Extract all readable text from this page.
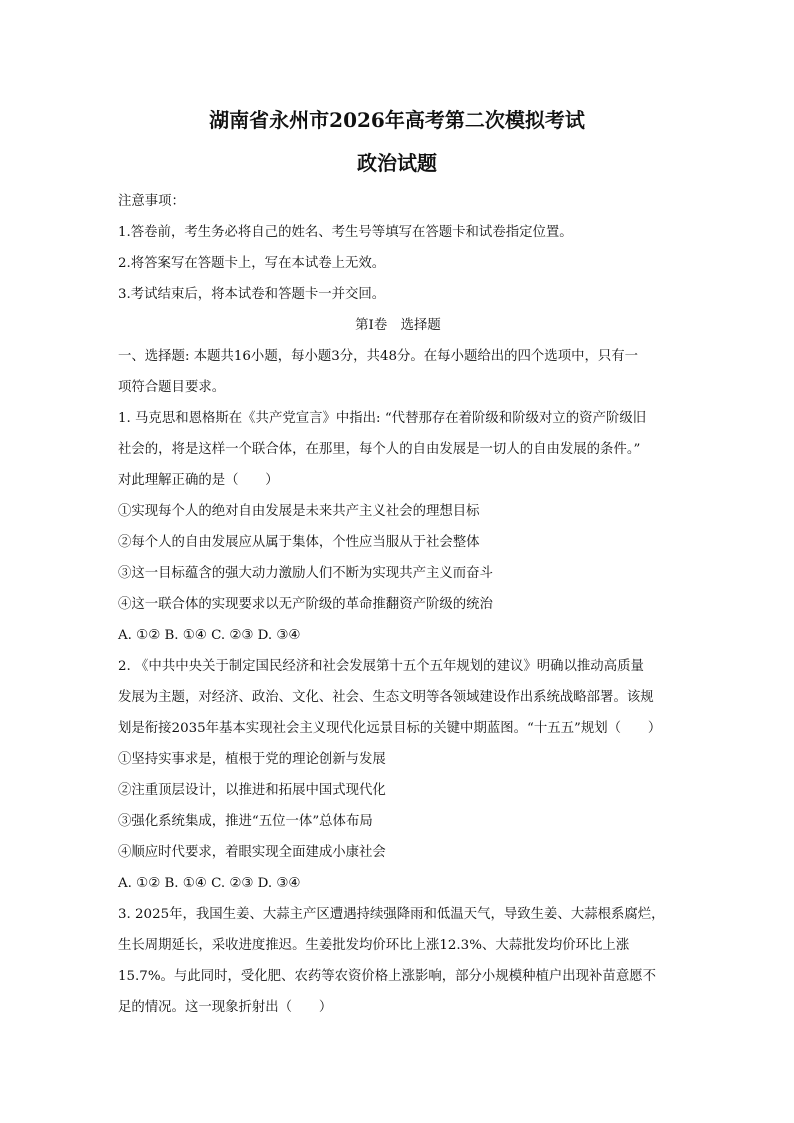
湖南省永州市2026年高考第二次模拟考试
政治试题
注意事项：
1.答卷前，考生务必将自己的姓名、考生号等填写在答题卡和试卷指定位置。
2.将答案写在答题卡上，写在本试卷上无效。
3.考试结束后，将本试卷和答题卡一并交回。
第I卷　选择题
一、选择题: 本题共16小题，每小题3分，共48分。在每小题给出的四个选项中，只有一
项符合题目要求。
1. 马克思和恩格斯在《共产党宣言》中指出: “代替那存在着阶级和阶级对立的资产阶级旧
社会的，将是这样一个联合体，在那里，每个人的自由发展是一切人的自由发展的条件。”
对此理解正确的是（　　）
①实现每个人的绝对自由发展是未来共产主义社会的理想目标
②每个人的自由发展应从属于集体，个性应当服从于社会整体
③这一目标蕴含的强大动力激励人们不断为实现共产主义而奋斗
④这一联合体的实现要求以无产阶级的革命推翻资产阶级的统治
A. ①② B. ①④ C. ②③ D. ③④
2. 《中共中央关于制定国民经济和社会发展第十五个五年规划的建议》明确以推动高质量
发展为主题，对经济、政治、文化、社会、生态文明等各领域建设作出系统战略部署。该规
划是衔接2035年基本实现社会主义现代化远景目标的关键中期蓝图。“十五五”规划（　　）
①坚持实事求是，植根于党的理论创新与发展
②注重顶层设计，以推进和拓展中国式现代化
③强化系统集成，推进“五位一体”总体布局
④顺应时代要求，着眼实现全面建成小康社会
A. ①② B. ①④ C. ②③ D. ③④
3. 2025年，我国生姜、大蒜主产区遭遇持续强降雨和低温天气，导致生姜、大蒜根系腐烂，
生长周期延长，采收进度推迟。生姜批发均价环比上涨12.3%、大蒜批发均价环比上涨
15.7%。与此同时，受化肥、农药等农资价格上涨影响，部分小规模种植户出现补苗意愿不
足的情况。这一现象折射出（　　）
